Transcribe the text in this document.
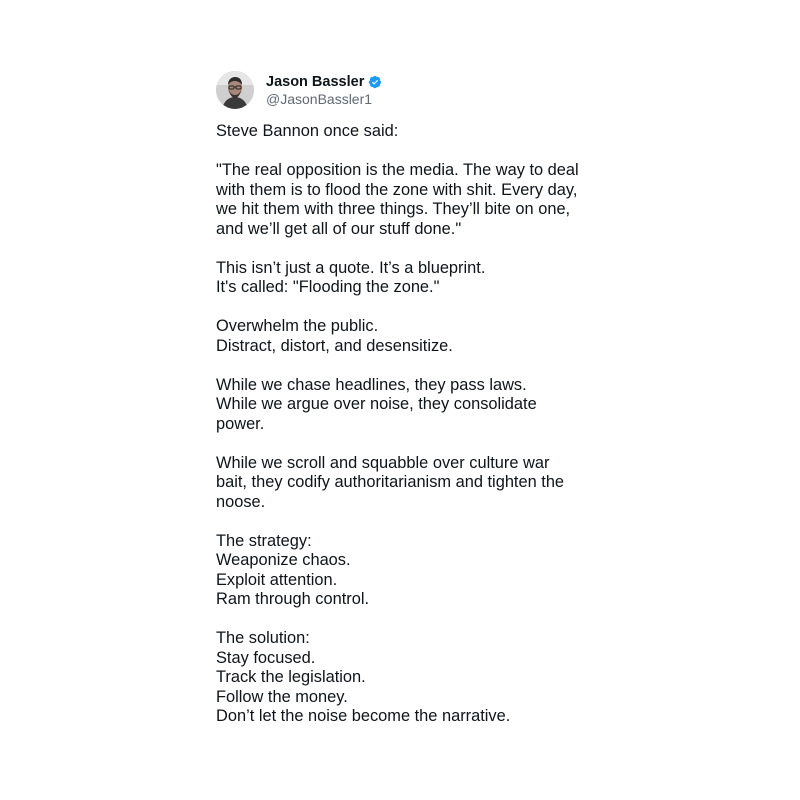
Jason Bassler
@JasonBassler1
Steve Bannon once said:
"The real opposition is the media. The way to deal
with them is to flood the zone with shit. Every day,
we hit them with three things. They’ll bite on one,
and we’ll get all of our stuff done."
This isn’t just a quote. It’s a blueprint.
It's called: "Flooding the zone."
Overwhelm the public.
Distract, distort, and desensitize.
While we chase headlines, they pass laws.
While we argue over noise, they consolidate
power.
While we scroll and squabble over culture war
bait, they codify authoritarianism and tighten the
noose.
The strategy:
Weaponize chaos.
Exploit attention.
Ram through control.
The solution:
Stay focused.
Track the legislation.
Follow the money.
Don’t let the noise become the narrative.
